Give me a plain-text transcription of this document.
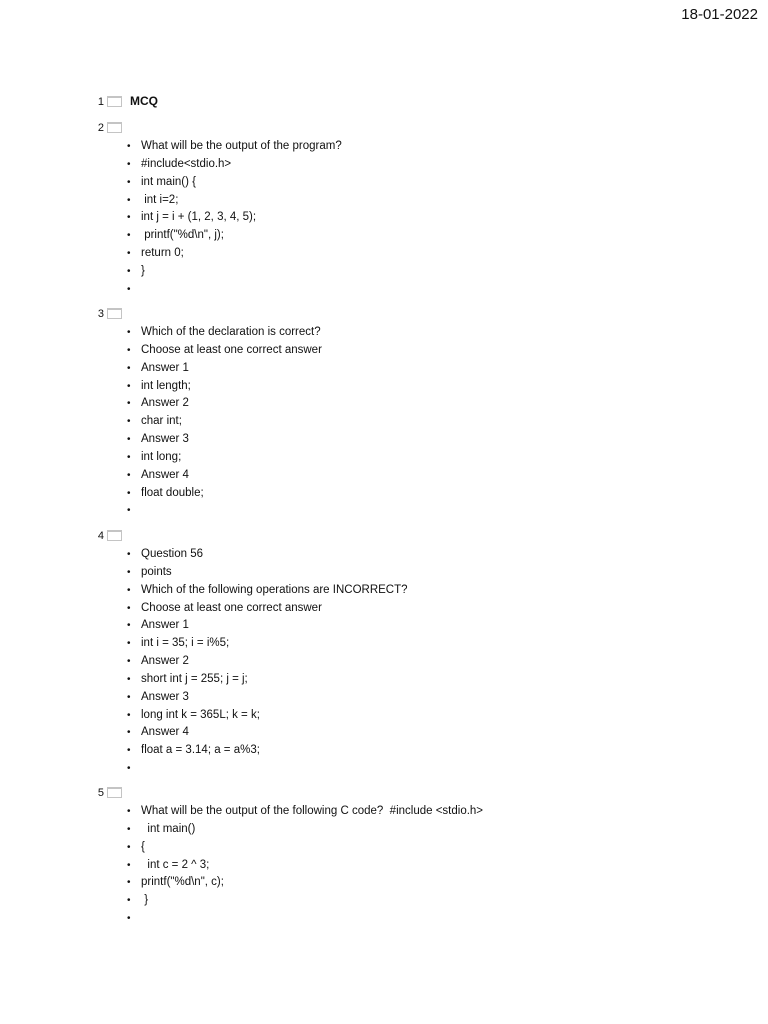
18-01-2022
1 MCQ
2
• What will be the output of the program?
• #include<stdio.h>
• int main() {
•  int i=2;
• int j = i + (1, 2, 3, 4, 5);
•  printf("%d\n", j);
• return 0;
• }
•
3
• Which of the declaration is correct?
• Choose at least one correct answer
• Answer 1
• int length;
• Answer 2
• char int;
• Answer 3
• int long;
• Answer 4
• float double;
•
4
• Question 56
• points
• Which of the following operations are INCORRECT?
• Choose at least one correct answer
• Answer 1
• int i = 35; i = i%5;
• Answer 2
• short int j = 255; j = j;
• Answer 3
• long int k = 365L; k = k;
• Answer 4
• float a = 3.14; a = a%3;
•
5
• What will be the output of the following C code?  #include <stdio.h>
•   int main()
• {
•   int c = 2 ^ 3;
• printf("%d\n", c);
•  }
•
